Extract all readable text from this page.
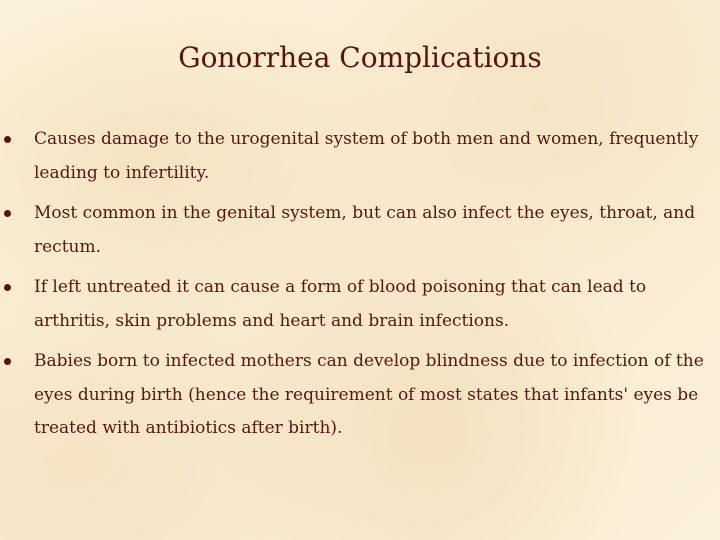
Gonorrhea Complications
Causes damage to the urogenital system of both men and women, frequently leading to infertility.
Most common in the genital system, but can also infect the eyes, throat, and rectum.
If left untreated it can cause a form of blood poisoning that can lead to arthritis, skin problems and heart and brain infections.
Babies born to infected mothers can develop blindness due to infection of the eyes during birth (hence the requirement of most states that infants' eyes be treated with antibiotics after birth).
